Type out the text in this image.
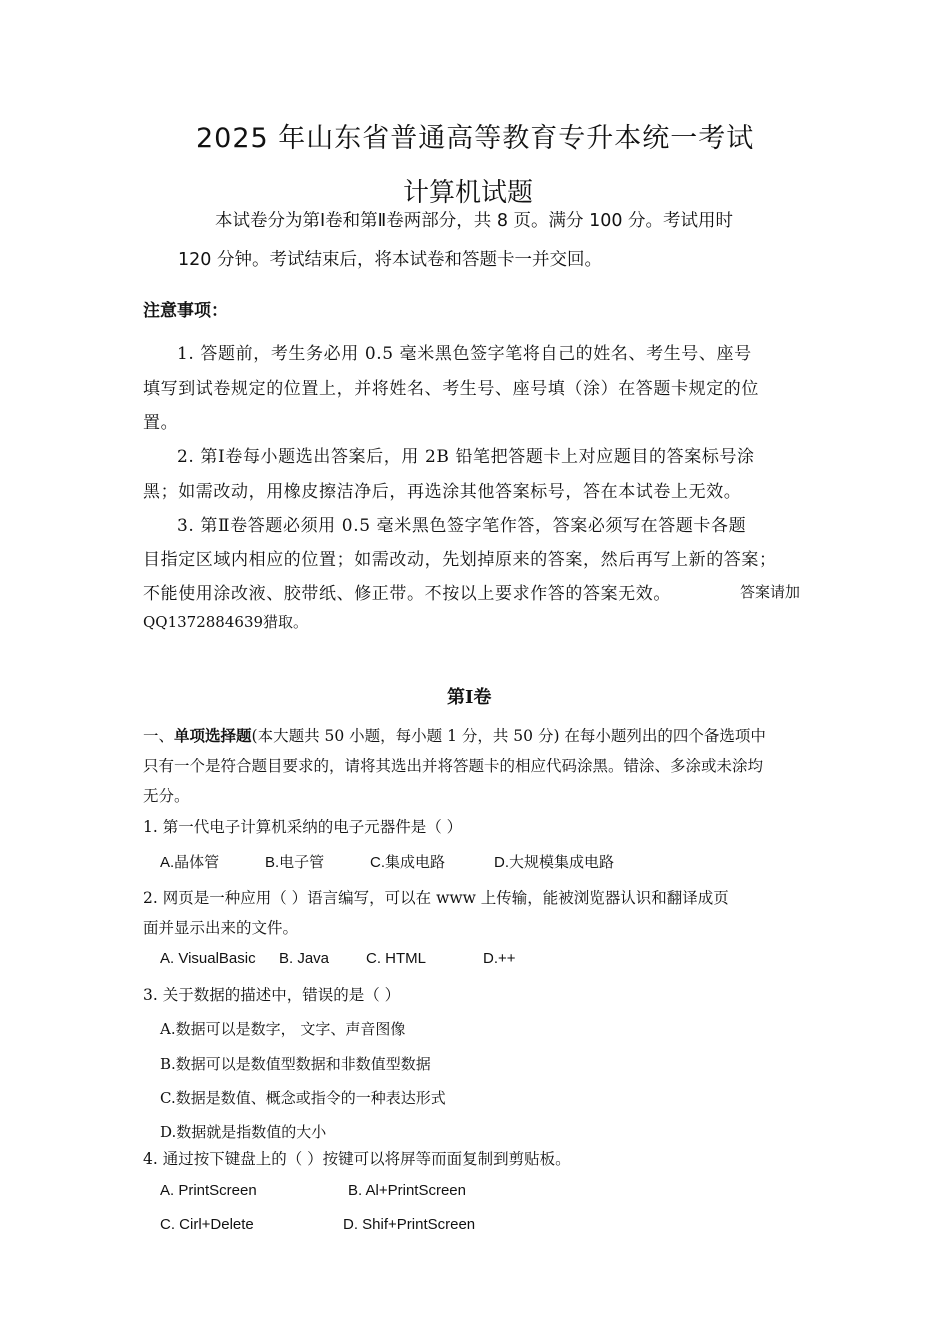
2025 年山东省普通高等教育专升本统一考试
计算机试题
本试卷分为第Ⅰ卷和第Ⅱ卷两部分，共 8 页。满分 100 分。考试用时
120 分钟。考试结束后，将本试卷和答题卡一并交回。
注意事项：
1. 答题前，考生务必用 0.5 毫米黑色签字笔将自己的姓名、考生号、座号
填写到试卷规定的位置上，并将姓名、考生号、座号填（涂）在答题卡规定的位
置。
2. 第Ⅰ卷每小题选出答案后，用 2B 铅笔把答题卡上对应题目的答案标号涂
黑；如需改动，用橡皮擦洁净后，再选涂其他答案标号，答在本试卷上无效。
3. 第Ⅱ卷答题必须用 0.5 毫米黑色签字笔作答，答案必须写在答题卡各题
目指定区域内相应的位置；如需改动，先划掉原来的答案，然后再写上新的答案；
不能使用涂改液、胶带纸、修正带。不按以上要求作答的答案无效。	答案请加
QQ1372884639猎取。
第Ⅰ卷
一、单项选择题(本大题共 50 小题，每小题 1 分，共 50 分) 在每小题列出的四个备选项中
只有一个是符合题目要求的，请将其选出并将答题卡的相应代码涂黑。错涂、多涂或未涂均
无分。
1. 第一代电子计算机采纳的电子元器件是（ ）
A.晶体管	B.电子管	C.集成电路	D.大规模集成电路
2. 网页是一种应用（ ）语言编写，可以在 www 上传输，能被浏览器认识和翻译成页
面并显示出来的文件。
A. VisualBasic B. Java C. HTML	D.++
3. 关于数据的描述中，错误的是（ ）
A.数据可以是数字， 文字、声音图像
B.数据可以是数值型数据和非数值型数据
C.数据是数值、概念或指令的一种表达形式
D.数据就是指数值的大小
4. 通过按下键盘上的（ ）按键可以将屏等而面复制到剪贴板。
A. PrintScreen	B. Al+PrintScreen
C. Cirl+Delete	D. Shif+PrintScreen
